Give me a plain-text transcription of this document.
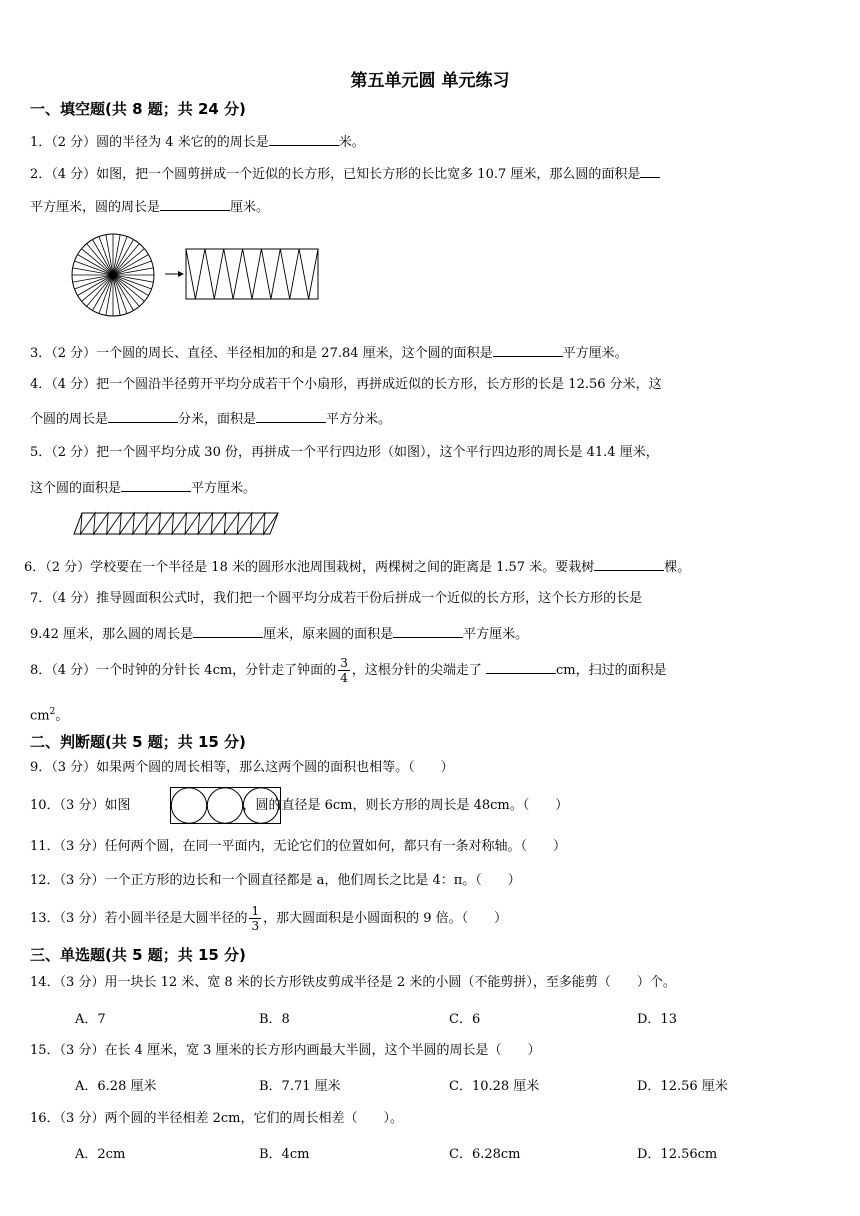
第五单元圆 单元练习
一、填空题(共 8 题；共 24 分)
1．（2 分）圆的半径为 4 米它的的周长是	米。
2．（4 分）如图，把一个圆剪拼成一个近似的长方形，已知长方形的长比宽多 10.7 厘米，那么圆的面积是
平方厘米，圆的周长是	厘米。
3．（2 分）一个圆的周长、直径、半径相加的和是 27.84 厘米，这个圆的面积是	平方厘米。
4．（4 分）把一个圆沿半径剪开平均分成若干个小扇形，再拼成近似的长方形，长方形的长是 12.56 分米，这
个圆的周长是	分米，面积是	平方分米。
5．（2 分）把一个圆平均分成 30 份，再拼成一个平行四边形（如图），这个平行四边形的周长是 41.4 厘米，
这个圆的面积是	平方厘米。
6．（2 分）学校要在一个半径是 18 米的圆形水池周围栽树，两棵树之间的距离是 1.57 米。要栽树	棵。
7．（4 分）推导圆面积公式时，我们把一个圆平均分成若干份后拼成一个近似的长方形，这个长方形的长是
9.42 厘米，那么圆的周长是	厘米，原来圆的面积是	平方厘米。
8．（4 分）一个时钟的分针长 4cm，分针走了钟面的 $\frac{3}{4}$ ，这根分针的尖端走了	cm，扫过的面积是
$cm^2$。
二、判断题(共 5 题；共 15 分)
9．（3 分）如果两个圆的周长相等，那么这两个圆的面积也相等。（　　）
10．（3 分）如图	，圆的直径是 6cm，则长方形的周长是 48cm。（　　）
11．（3 分）任何两个圆，在同一平面内，无论它们的位置如何，都只有一条对称轴。（　　）
12．（3 分）一个正方形的边长和一个圆直径都是 a，他们周长之比是 4：π。（　　）
13．（3 分）若小圆半径是大圆半径的 $\frac{1}{3}$ ，那大圆面积是小圆面积的 9 倍。（　　）
三、单选题(共 5 题；共 15 分)
14．（3 分）用一块长 12 米、宽 8 米的长方形铁皮剪成半径是 2 米的小圆（不能剪拼），至多能剪（　　）个。
A．7	B．8	C．6	D．13
15．（3 分）在长 4 厘米，宽 3 厘米的长方形内画最大半圆，这个半圆的周长是（　　）
A．6.28 厘米	B．7.71 厘米	C．10.28 厘米	D．12.56 厘米
16．（3 分）两个圆的半径相差 2cm，它们的周长相差（　　）。
A．2cm	B．4cm	C．6.28cm	D．12.56cm
